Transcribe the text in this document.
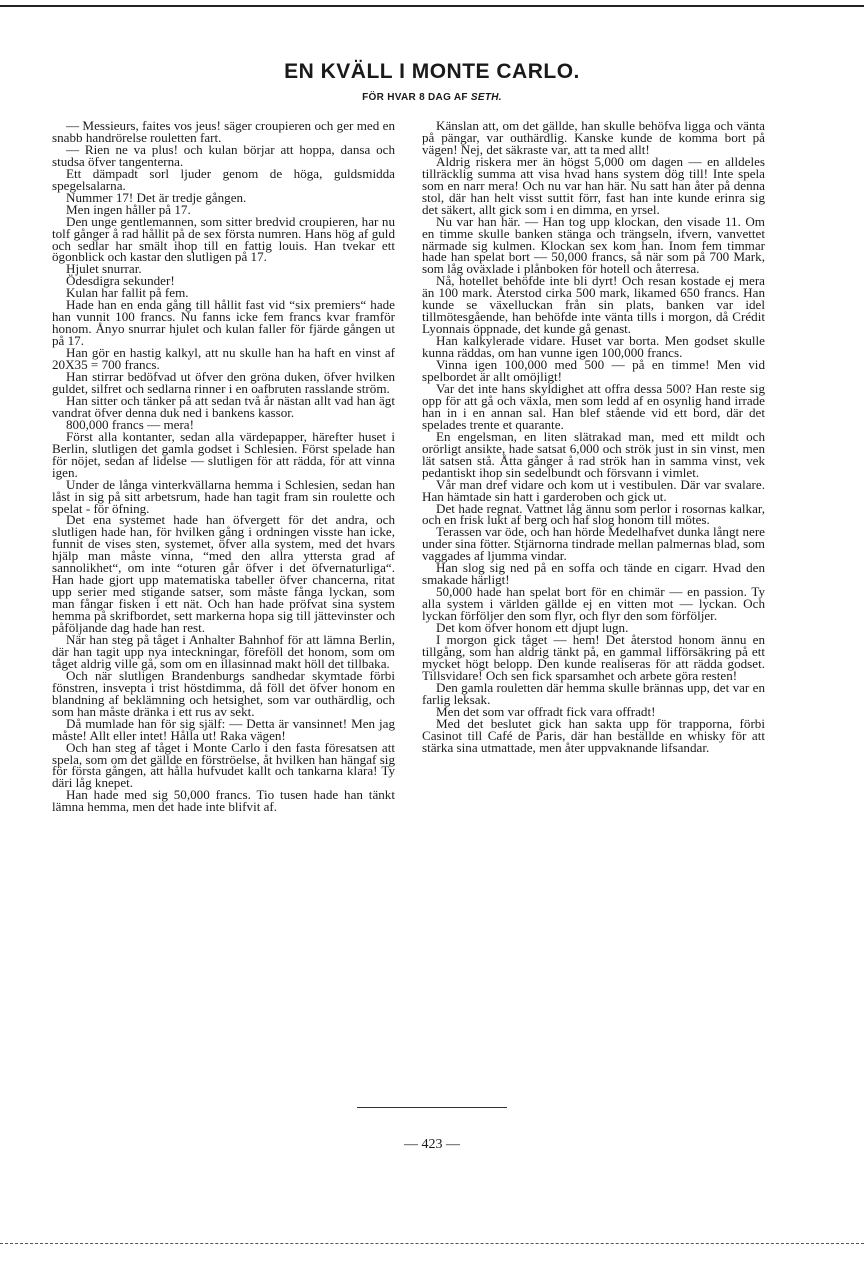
EN KVÄLL I MONTE CARLO.
FÖR HVAR 8 DAG AF SETH.

— Messieurs, faites vos jeus! säger croupieren och ger med en snabb handrörelse rouletten fart.

— Rien ne va plus! och kulan börjar att hoppa, dansa och studsa öfver tangenterna.

Ett dämpadt sorl ljuder genom de höga, guldsmidda spegelsalarna.

Nummer 17! Det är tredje gången.

Men ingen håller på 17.

Den unge gentlemannen, som sitter bredvid croupieren, har nu tolf gånger å rad hållit på de sex första numren. Hans hög af guld och sedlar har smält ihop till en fattig louis. Han tvekar ett ögonblick och kastar den slutligen på 17.

Hjulet snurrar.

Ödesdigra sekunder!

Kulan har fallit på fem.

Hade han en enda gång till hållit fast vid “six premiers“ hade han vunnit 100 francs. Nu fanns icke fem francs kvar framför honom. Ånyo snurrar hjulet och kulan faller för fjärde gången ut på 17.

Han gör en hastig kalkyl, att nu skulle han ha haft en vinst af 20X35 = 700 francs.

Han stirrar bedöfvad ut öfver den gröna duken, öfver hvilken guldet, silfret och sedlarna rinner i en oafbruten rasslande ström.

Han sitter och tänker på att sedan två år nästan allt vad han ägt vandrat öfver denna duk ned i bankens kassor.

800,000 francs — mera!

Först alla kontanter, sedan alla värdepapper, härefter huset i Berlin, slutligen det gamla godset i Schlesien. Först spelade han för nöjet, sedan af lidelse — slutligen för att rädda, för att vinna igen.

Under de långa vinterkvällarna hemma i Schlesien, sedan han låst in sig på sitt arbetsrum, hade han tagit fram sin roulette och spelat - för öfning.

Det ena systemet hade han öfvergett för det andra, och slutligen hade han, för hvilken gång i ordningen visste han icke, funnit de vises sten, systemet, öfver alla system, med det hvars hjälp man måste vinna, “med den allra yttersta grad af sannolikhet“, om inte “oturen går öfver i det öfvernaturliga“. Han hade gjort upp matematiska tabeller öfver chancerna, ritat upp serier med stigande satser, som måste fånga lyckan, som man fångar fisken i ett nät. Och han hade pröfvat sina system hemma på skrifbordet, sett markerna hopa sig till jättevinster och påföljande dag hade han rest.

När han steg på tåget i Anhalter Bahnhof för att lämna Berlin, där han tagit upp nya inteckningar, föreföll det honom, som om tåget aldrig ville gå, som om en illasinnad makt höll det tillbaka.

Och när slutligen Brandenburgs sandhedar skymtade förbi fönstren, insvepta i trist höstdimma, då föll det öfver honom en blandning af beklämning och hetsighet, som var outhärdlig, och som han måste dränka i ett rus av sekt.

Då mumlade han för sig själf: — Detta är vansinnet! Men jag måste! Allt eller intet! Hålla ut! Raka vägen!

Och han steg af tåget i Monte Carlo i den fasta föresatsen att spela, som om det gällde en förströelse, åt hvilken han hängaf sig för första gången, att hålla hufvudet kallt och tankarna klara! Ty däri låg knepet.

Han hade med sig 50,000 francs. Tio tusen hade han tänkt lämna hemma, men det hade inte blifvit af.

Känslan att, om det gällde, han skulle behöfva ligga och vänta på pängar, var outhärdlig. Kanske kunde de komma bort på vägen! Nej, det säkraste var, att ta med allt!

Aldrig riskera mer än högst 5,000 om dagen — en alldeles tillräcklig summa att visa hvad hans system dög till! Inte spela som en narr mera! Och nu var han här. Nu satt han åter på denna stol, där han helt visst suttit förr, fast han inte kunde erinra sig det säkert, allt gick som i en dimma, en yrsel.

Nu var han här. — Han tog upp klockan, den visade 11. Om en timme skulle banken stänga och trängseln, ifvern, vanvettet närmade sig kulmen. Klockan sex kom han. Inom fem timmar hade han spelat bort — 50,000 francs, så när som på 700 Mark, som låg oväxlade i plånboken för hotell och återresa.

Nå, hotellet behöfde inte bli dyrt! Och resan kostade ej mera än 100 mark. Återstod cirka 500 mark, likamed 650 francs. Han kunde se växelluckan från sin plats, banken var idel tillmötesgående, han behöfde inte vänta tills i morgon, då Crédit Lyonnais öppnade, det kunde gå genast.

Han kalkylerade vidare. Huset var borta. Men godset skulle kunna räddas, om han vunne igen 100,000 francs.

Vinna igen 100,000 med 500 — på en timme! Men vid spelbordet är allt omöjligt!

Var det inte hans skyldighet att offra dessa 500? Han reste sig opp för att gå och växla, men som ledd af en osynlig hand irrade han in i en annan sal. Han blef stående vid ett bord, där det spelades trente et quarante.

En engelsman, en liten slätrakad man, med ett mildt och orörligt ansikte, hade satsat 6,000 och strök just in sin vinst, men lät satsen stå. Åtta gånger å rad strök han in samma vinst, vek pedantiskt ihop sin sedelbundt och försvann i vimlet.

Vår man dref vidare och kom ut i vestibulen. Där var svalare. Han hämtade sin hatt i garderoben och gick ut.

Det hade regnat. Vattnet låg ännu som perlor i rosornas kalkar, och en frisk lukt af berg och haf slog honom till mötes.

Terassen var öde, och han hörde Medelhafvet dunka långt nere under sina fötter. Stjärnorna tindrade mellan palmernas blad, som vaggades af ljumma vindar.

Han slog sig ned på en soffa och tände en cigarr. Hvad den smakade härligt!

50,000 hade han spelat bort för en chimär — en passion. Ty alla system i världen gällde ej en vitten mot — lyckan. Och lyckan förföljer den som flyr, och flyr den som förföljer.

Det kom öfver honom ett djupt lugn.

I morgon gick tåget — hem! Det återstod honom ännu en tillgång, som han aldrig tänkt på, en gammal lifförsäkring på ett mycket högt belopp. Den kunde realiseras för att rädda godset. Tillsvidare! Och sen fick sparsamhet och arbete göra resten!

Den gamla rouletten där hemma skulle brännas upp, det var en farlig leksak.

Men det som var offradt fick vara offradt!

Med det beslutet gick han sakta upp för trapporna, förbi Casinot till Café de Paris, där han beställde en whisky för att stärka sina utmattade, men åter uppvaknande lifsandar.

— 423 —
